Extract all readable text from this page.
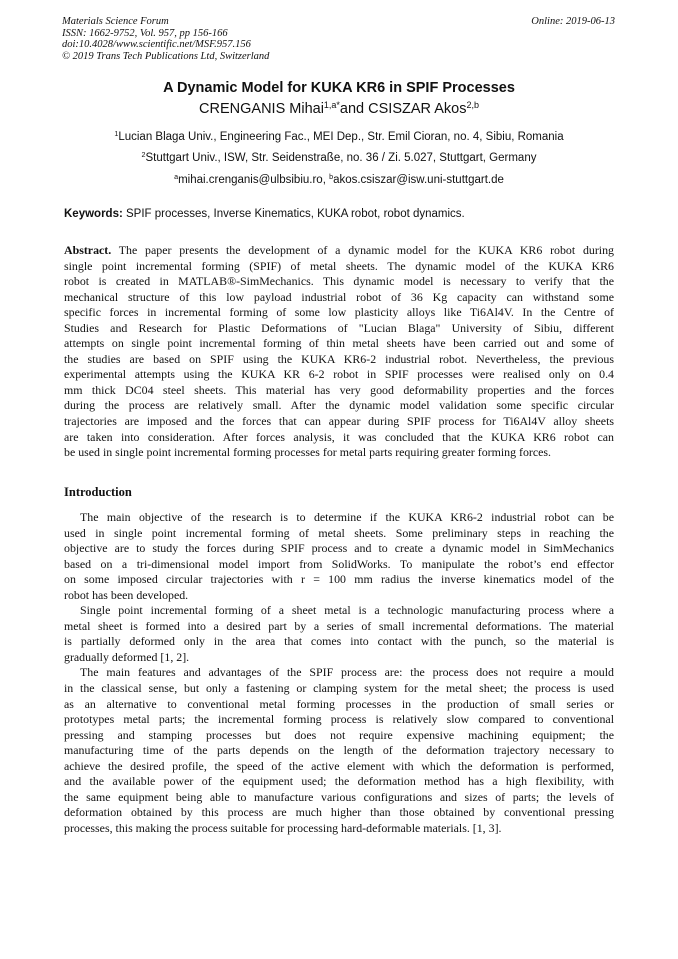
Materials Science Forum
ISSN: 1662-9752, Vol. 957, pp 156-166
doi:10.4028/www.scientific.net/MSF.957.156
© 2019 Trans Tech Publications Ltd, Switzerland
Online: 2019-06-13
A Dynamic Model for KUKA KR6 in SPIF Processes
CRENGANIS Mihai$^{1,a*}$and CSISZAR Akos$^{2,b}$
$^1$Lucian Blaga Univ., Engineering Fac., MEI Dep., Str. Emil Cioran, no. 4, Sibiu, Romania
$^2$Stuttgart Univ., ISW, Str. Seidenstraße, no. 36 / Zi. 5.027, Stuttgart, Germany
$^a$mihai.crenganis@ulbsibiu.ro, $^b$akos.csiszar@isw.uni-stuttgart.de
Keywords: SPIF processes, Inverse Kinematics, KUKA robot, robot dynamics.
Abstract. The paper presents the development of a dynamic model for the KUKA KR6 robot during
single point incremental forming (SPIF) of metal sheets. The dynamic model of the KUKA KR6
robot is created in MATLAB®-SimMechanics. This dynamic model is necessary to verify that the
mechanical structure of this low payload industrial robot of 36 Kg capacity can withstand some
specific forces in incremental forming of some low plasticity alloys like Ti6Al4V. In the Centre of
Studies and Research for Plastic Deformations of "Lucian Blaga" University of Sibiu, different
attempts on single point incremental forming of thin metal sheets have been carried out and some of
the studies are based on SPIF using the KUKA KR6-2 industrial robot. Nevertheless, the previous
experimental attempts using the KUKA KR 6-2 robot in SPIF processes were realised only on 0.4
mm thick DC04 steel sheets. This material has very good deformability properties and the forces
during the process are relatively small. After the dynamic model validation some specific circular
trajectories are imposed and the forces that can appear during SPIF process for Ti6Al4V alloy sheets
are taken into consideration. After forces analysis, it was concluded that the KUKA KR6 robot can
be used in single point incremental forming processes for metal parts requiring greater forming forces.
Introduction
The main objective of the research is to determine if the KUKA KR6-2 industrial robot can be
used in single point incremental forming of metal sheets. Some preliminary steps in reaching the
objective are to study the forces during SPIF process and to create a dynamic model in SimMechanics
based on a tri-dimensional model import from SolidWorks. To manipulate the robot’s end effector
on some imposed circular trajectories with r = 100 mm radius the inverse kinematics model of the
robot has been developed.
Single point incremental forming of a sheet metal is a technologic manufacturing process where a
metal sheet is formed into a desired part by a series of small incremental deformations. The material
is partially deformed only in the area that comes into contact with the punch, so the material is
gradually deformed [1, 2].
The main features and advantages of the SPIF process are: the process does not require a mould
in the classical sense, but only a fastening or clamping system for the metal sheet; the process is used
as an alternative to conventional metal forming processes in the production of small series or
prototypes metal parts; the incremental forming process is relatively slow compared to conventional
pressing and stamping processes but does not require expensive machining equipment; the
manufacturing time of the parts depends on the length of the deformation trajectory necessary to
achieve the desired profile, the speed of the active element with which the deformation is performed,
and the available power of the equipment used; the deformation method has a high flexibility, with
the same equipment being able to manufacture various configurations and sizes of parts; the levels of
deformation obtained by this process are much higher than those obtained by conventional pressing
processes, this making the process suitable for processing hard-deformable materials. [1, 3].
